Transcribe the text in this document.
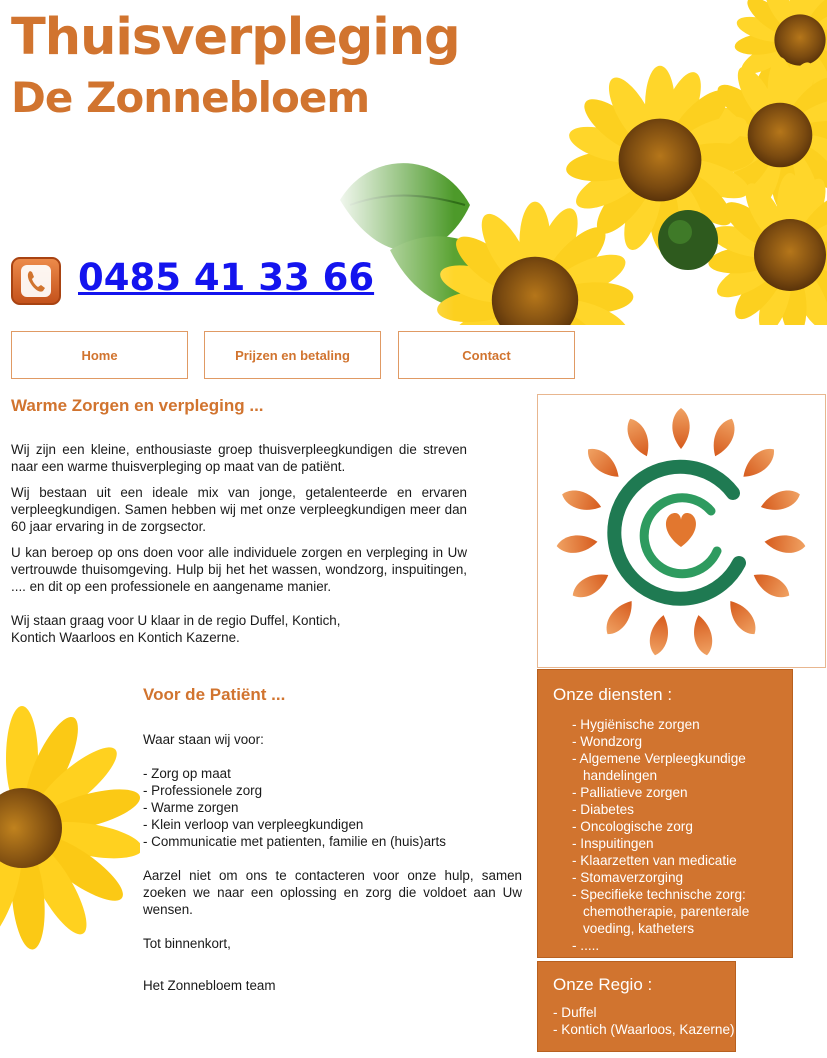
Thuisverpleging
De Zonnebloem
0485 41 33 66
Home	Prijzen en betaling	Contact
Warme Zorgen en verpleging ...

Wij zijn een kleine, enthousiaste groep thuisverpleegkundigen die streven naar een warme thuisverpleging op maat van de patiënt.

Wij bestaan uit een ideale mix van jonge, getalenteerde en ervaren verpleegkundigen. Samen hebben wij met onze verpleegkundigen meer dan 60 jaar ervaring in de zorgsector.

U kan beroep op ons doen voor alle individuele zorgen en verpleging in Uw vertrouwde thuisomgeving. Hulp bij het het wassen, wondzorg, inspuitingen, .... en dit op een professionele en aangename manier.

Wij staan graag voor U klaar in de regio Duffel, Kontich,
Kontich Waarloos en Kontich Kazerne.

Voor de Patiënt ...

Waar staan wij voor:

- Zorg op maat
- Professionele zorg
- Warme zorgen
- Klein verloop van verpleegkundigen
- Communicatie met patienten, familie en (huis)arts

Aarzel niet om ons te contacteren voor onze hulp, samen zoeken we naar een oplossing en zorg die voldoet aan Uw wensen.

Tot binnenkort,

Het Zonnebloem team

Onze diensten :
- Hygiënische zorgen
- Wondzorg
- Algemene Verpleegkundige handelingen
- Palliatieve zorgen
- Diabetes
- Oncologische zorg
- Inspuitingen
- Klaarzetten van medicatie
- Stomaverzorging
- Specifieke technische zorg: chemotherapie, parenterale voeding, katheters
- .....
Onze Regio :
- Duffel
- Kontich (Waarloos, Kazerne)
